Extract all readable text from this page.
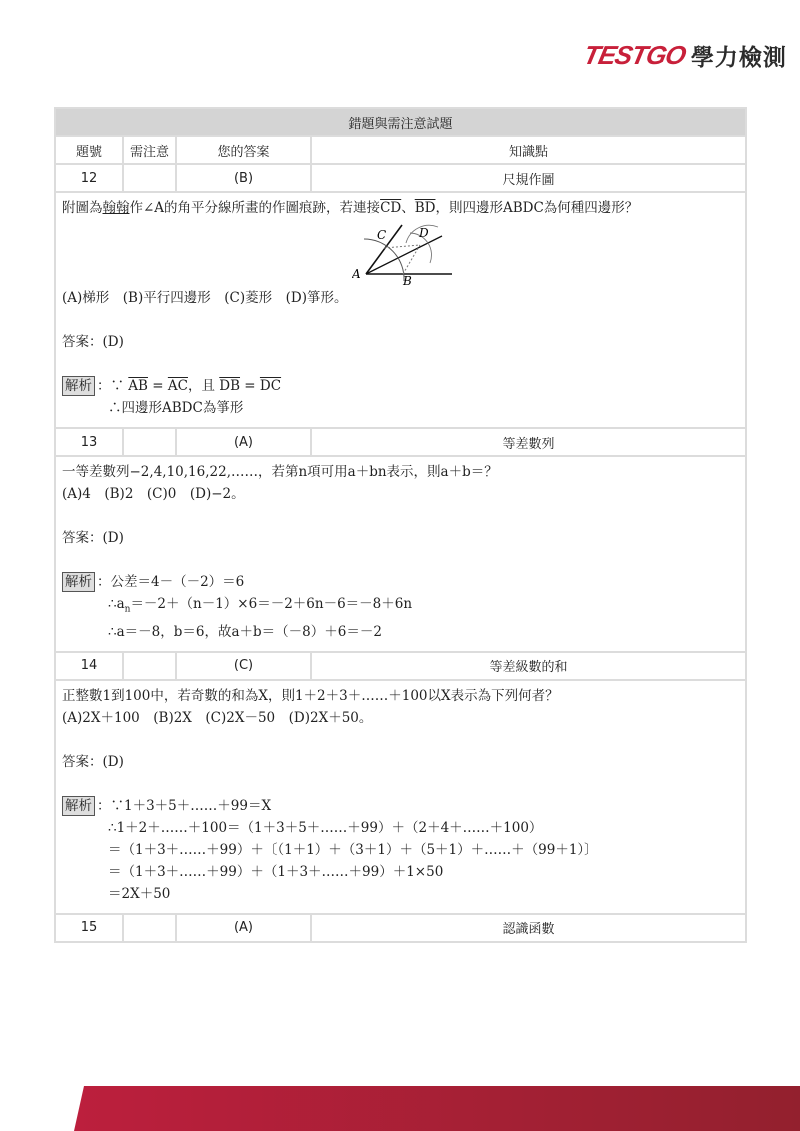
TESTGO 學力檢測
錯題與需注意試題			
題號	需注意	您的答案	知識點
12		(B)	尺規作圖

附圖為翰翰作∠A的角平分線所畫的作圖痕跡，若連接$\overline{CD}$、$\overline{BD}$，則四邊形ABDC為何種四邊形？
A	B
C	D
(A)梯形　(B)平行四邊形　(C)菱形　(D)箏形。
答案：(D)
解析 ：∵ $\overline{AB} = \overline{AC}$，且 $\overline{DB} = \overline{DC}$
∴四邊形ABDC為箏形

13		(A)	等差數列

一等差數列−2,4,10,16,22,……，若第n項可用a＋bn表示，則a＋b＝？
(A)4　(B)2　(C)0　(D)−2。
答案：(D)
解析 ：公差＝4－（－2）＝6
$\therefore a_n=-2+(n-1)\times 6=-2+6n-6=-8+6n$
∴a＝－8，b＝6，故a＋b＝（－8）＋6＝－2

14		(C)	等差級數的和

正整數1到100中，若奇數的和為X，則1＋2＋3＋……＋100以X表示為下列何者？
(A)2X＋100　(B)2X　(C)2X－50　(D)2X＋50。
答案：(D)
解析 ：∵1＋3＋5＋……＋99＝X
∴1＋2＋……＋100＝（1＋3＋5＋……＋99）＋（2＋4＋……＋100）
＝（1＋3＋……＋99）＋〔（1＋1）＋（3＋1）＋（5＋1）＋……＋（99＋1）〕
＝（1＋3＋……＋99）＋（1＋3＋……＋99）＋1×50
＝2X＋50

15		(A)	認識函數
